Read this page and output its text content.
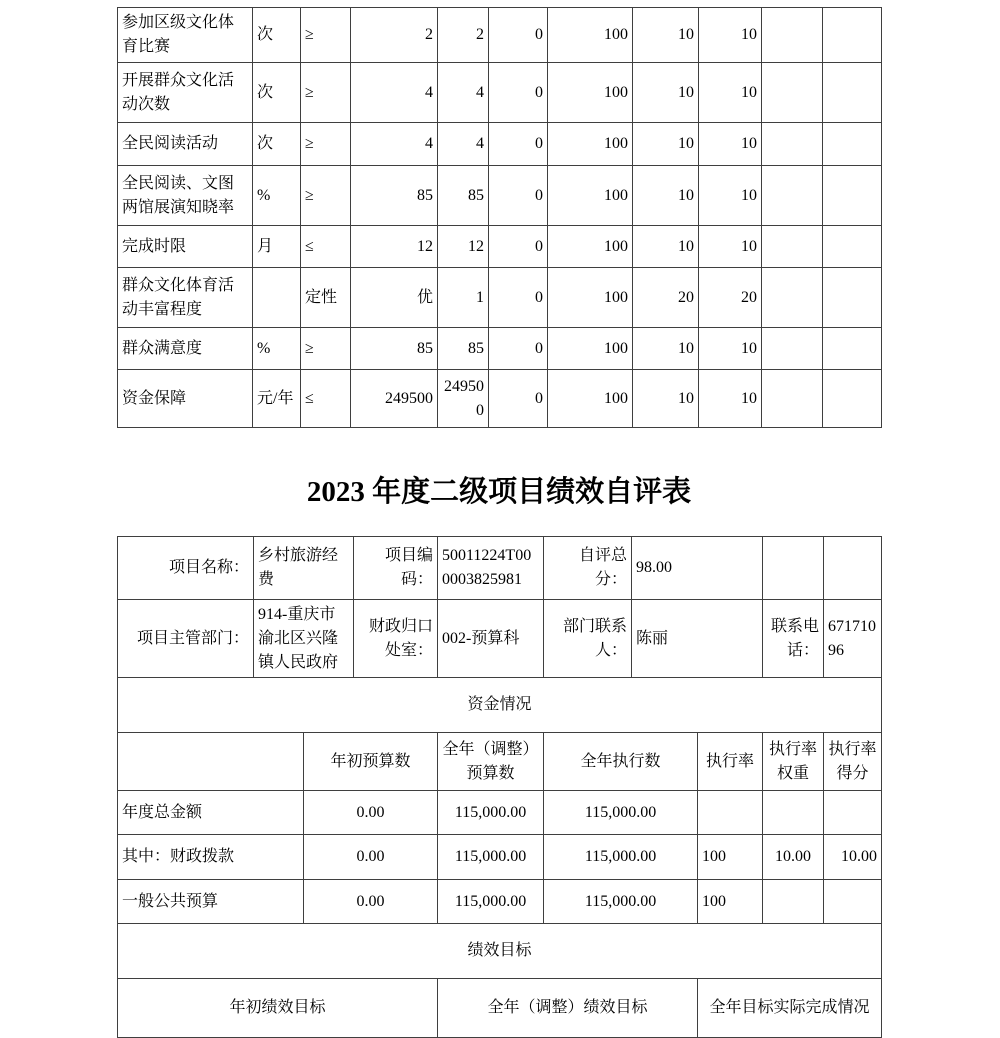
参加区级文化体育比赛	次	≥	2	2	0	100	10	10		
开展群众文化活动次数	次	≥	4	4	0	100	10	10		
全民阅读活动	次	≥	4	4	0	100	10	10		
全民阅读、文图两馆展演知晓率	%	≥	85	85	0	100	10	10		
完成时限	月	≤	12	12	0	100	10	10		
群众文化体育活动丰富程度		定性	优	1	0	100	20	20		
群众满意度	%	≥	85	85	0	100	10	10		
资金保障	元/年	≤	249500	249500	0	100	10	10		
2023 年度二级项目绩效自评表
项目名称：	乡村旅游经费		项目编码：	50011224T000003825981	自评总分：	98.00			
项目主管部门：	914-重庆市渝北区兴隆镇人民政府		财政归口处室：	002-预算科	部门联系人：	陈丽		联系电话：	67171096
资金情况									
		年初预算数		全年（调整）预算数	全年执行数		执行率	执行率权重	执行率得分
年度总金额		0.00		115,000.00	115,000.00				
其中：财政拨款		0.00		115,000.00	115,000.00		100	10.00	10.00
一般公共预算		0.00		115,000.00	115,000.00		100		
绩效目标									
年初绩效目标				全年（调整）绩效目标			全年目标实际完成情况		
